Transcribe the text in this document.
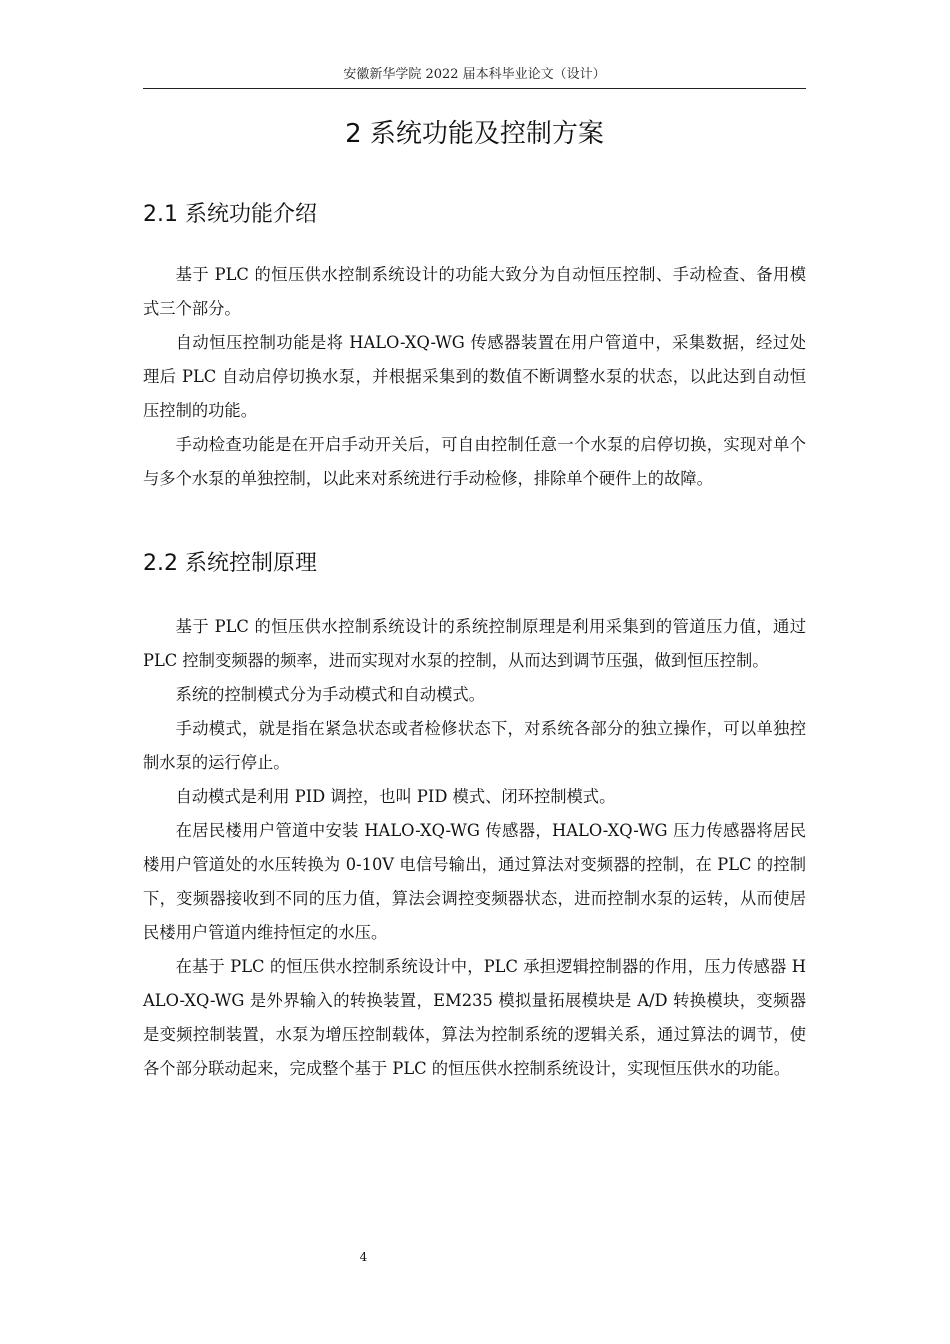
安徽新华学院 2022 届本科毕业论文（设计）
2 系统功能及控制方案
2.1 系统功能介绍

基于 PLC 的恒压供水控制系统设计的功能大致分为自动恒压控制、手动检查、备用模式三个部分。

自动恒压控制功能是将 HALO-XQ-WG 传感器装置在用户管道中，采集数据，经过处理后 PLC 自动启停切换水泵，并根据采集到的数值不断调整水泵的状态，以此达到自动恒压控制的功能。

手动检查功能是在开启手动开关后，可自由控制任意一个水泵的启停切换，实现对单个与多个水泵的单独控制，以此来对系统进行手动检修，排除单个硬件上的故障。

2.2 系统控制原理

基于 PLC 的恒压供水控制系统设计的系统控制原理是利用采集到的管道压力值，通过 PLC 控制变频器的频率，进而实现对水泵的控制，从而达到调节压强，做到恒压控制。

系统的控制模式分为手动模式和自动模式。

手动模式，就是指在紧急状态或者检修状态下，对系统各部分的独立操作，可以单独控制水泵的运行停止。

自动模式是利用 PID 调控，也叫 PID 模式、闭环控制模式。

在居民楼用户管道中安装 HALO-XQ-WG 传感器，HALO-XQ-WG 压力传感器将居民楼用户管道处的水压转换为 0-10V 电信号输出，通过算法对变频器的控制，在 PLC 的控制下，变频器接收到不同的压力值，算法会调控变频器状态，进而控制水泵的运转，从而使居民楼用户管道内维持恒定的水压。

在基于 PLC 的恒压供水控制系统设计中，PLC 承担逻辑控制器的作用，压力传感器 HALO-XQ-WG 是外界输入的转换装置，EM235 模拟量拓展模块是 A/D 转换模块，变频器是变频控制装置，水泵为增压控制载体，算法为控制系统的逻辑关系，通过算法的调节，使各个部分联动起来，完成整个基于 PLC 的恒压供水控制系统设计，实现恒压供水的功能。

4
